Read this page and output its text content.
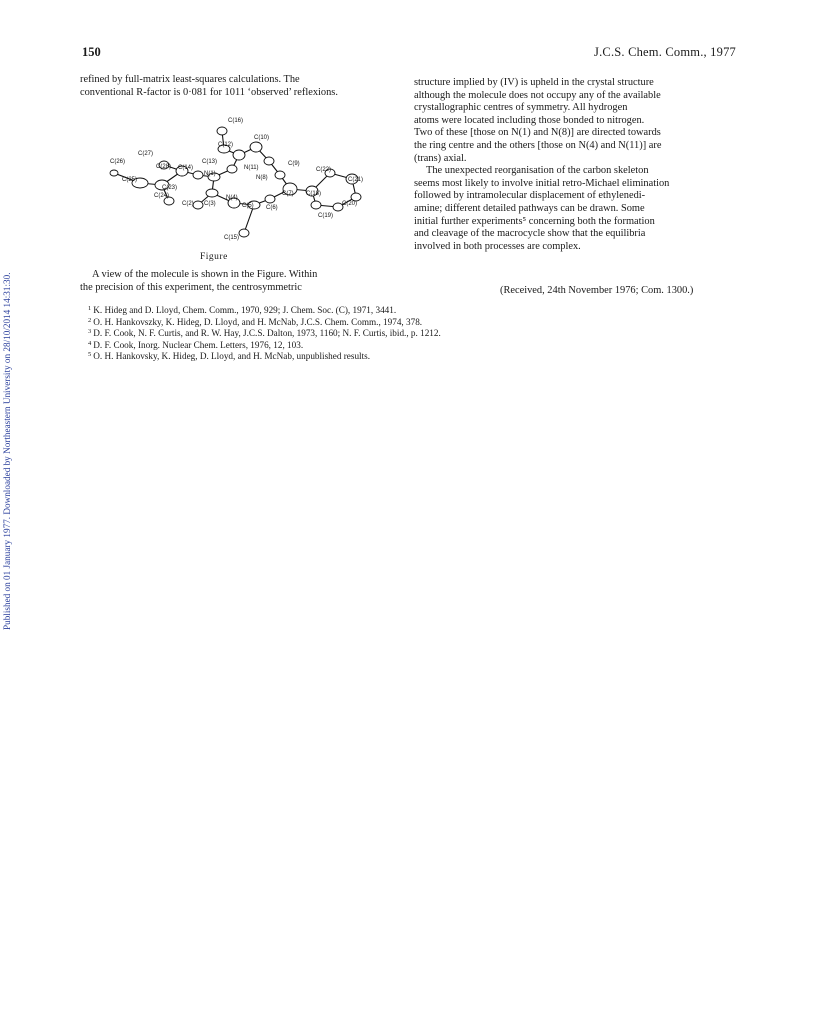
Published on 01 January 1977. Downloaded by Northeastern University on 28/10/2014 14:31:30.
150	J.C.S. Chem. Comm., 1977

refined by full-matrix least-squares calculations. The

conventional R-factor is 0·081 for 1011 ‘observed’ reflexions.

C(16)
C(12)
C(10)
C(9)
C(27)
C(26)
C(28) C(14)
C(13)
N(1)
N(11)
N(8)
C(22)
C(21)
C(25)
C(23)
C(24)
C(2) C(3)
N(4)
C(5) C(6)
C(7) C(18)
C(20)
C(19)
C(15)
Figure

A view of the molecule is shown in the Figure. Within

the precision of this experiment, the centrosymmetric

structure implied by (IV) is upheld in the crystal structure

although the molecule does not occupy any of the available

crystallographic centres of symmetry. All hydrogen

atoms were located including those bonded to nitrogen.

Two of these [those on N(1) and N(8)] are directed towards

the ring centre and the others [those on N(4) and N(11)] are

(trans) axial.

The unexpected reorganisation of the carbon skeleton

seems most likely to involve initial retro-Michael elimination

followed by intramolecular displacement of ethylenedi-

amine; different detailed pathways can be drawn. Some

initial further experiments⁵ concerning both the formation

and cleavage of the macrocycle show that the equilibria

involved in both processes are complex.

(Received, 24th November 1976; Com. 1300.)

$^1$ K. Hideg and D. Lloyd, Chem. Comm., 1970, 929; J. Chem. Soc. (C), 1971, 3441.

$^2$ O. H. Hankovszky, K. Hideg, D. Lloyd, and H. McNab, J.C.S. Chem. Comm., 1974, 378.

$^3$ D. F. Cook, N. F. Curtis, and R. W. Hay, J.C.S. Dalton, 1973, 1160; N. F. Curtis, ibid., p. 1212.

$^4$ D. F. Cook, Inorg. Nuclear Chem. Letters, 1976, 12, 103.

$^5$ O. H. Hankovsky, K. Hideg, D. Lloyd, and H. McNab, unpublished results.
